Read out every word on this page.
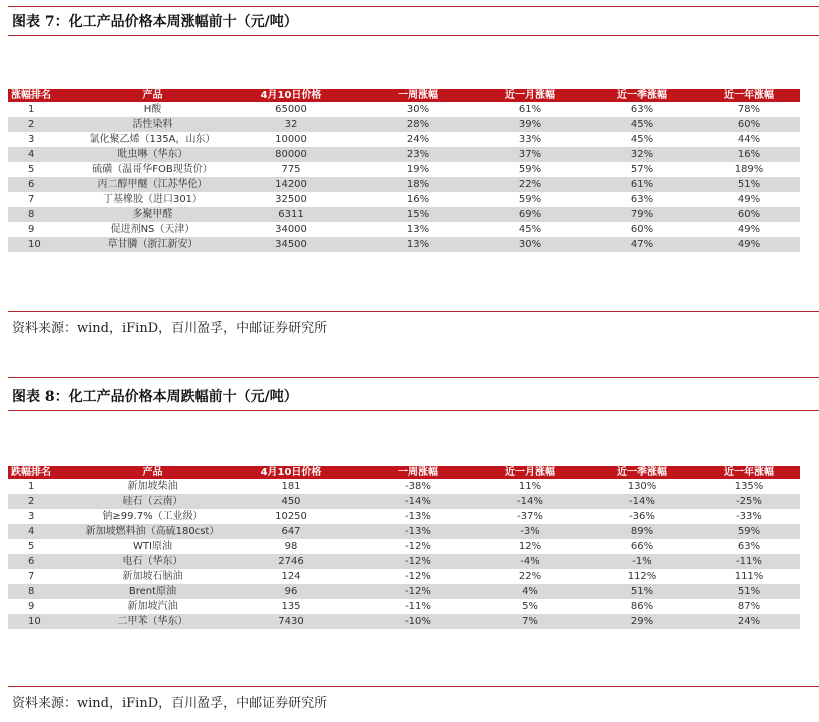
图表 7：化工产品价格本周涨幅前十（元/吨）
涨幅排名	产品	4月10日价格	一周涨幅	近一月涨幅	近一季涨幅	近一年涨幅
1	H酸	65000	30%	61%	63%	78%
2	活性染料	32	28%	39%	45%	60%
3	氯化聚乙烯（135A，山东）	10000	24%	33%	45%	44%
4	吡虫啉（华东）	80000	23%	37%	32%	16%
5	硫磺（温哥华FOB现货价）	775	19%	59%	57%	189%
6	丙二醇甲醚（江苏华伦）	14200	18%	22%	61%	51%
7	丁基橡胶（进口301）	32500	16%	59%	63%	49%
8	多聚甲醛	6311	15%	69%	79%	60%
9	促进剂NS（天津）	34000	13%	45%	60%	49%
10	草甘膦（浙江新安）	34500	13%	30%	47%	49%
资料来源：wind，iFinD，百川盈孚，中邮证券研究所
图表 8：化工产品价格本周跌幅前十（元/吨）
跌幅排名	产品	4月10日价格	一周涨幅	近一月涨幅	近一季涨幅	近一年涨幅
1	新加坡柴油	181	-38%	11%	130%	135%
2	硅石（云南）	450	-14%	-14%	-14%	-25%
3	钠≥99.7%（工业级）	10250	-13%	-37%	-36%	-33%
4	新加坡燃料油（高硫180cst）	647	-13%	-3%	89%	59%
5	WTI原油	98	-12%	12%	66%	63%
6	电石（华东）	2746	-12%	-4%	-1%	-11%
7	新加坡石脑油	124	-12%	22%	112%	111%
8	Brent原油	96	-12%	4%	51%	51%
9	新加坡汽油	135	-11%	5%	86%	87%
10	二甲苯（华东）	7430	-10%	7%	29%	24%
资料来源：wind，iFinD，百川盈孚，中邮证券研究所
